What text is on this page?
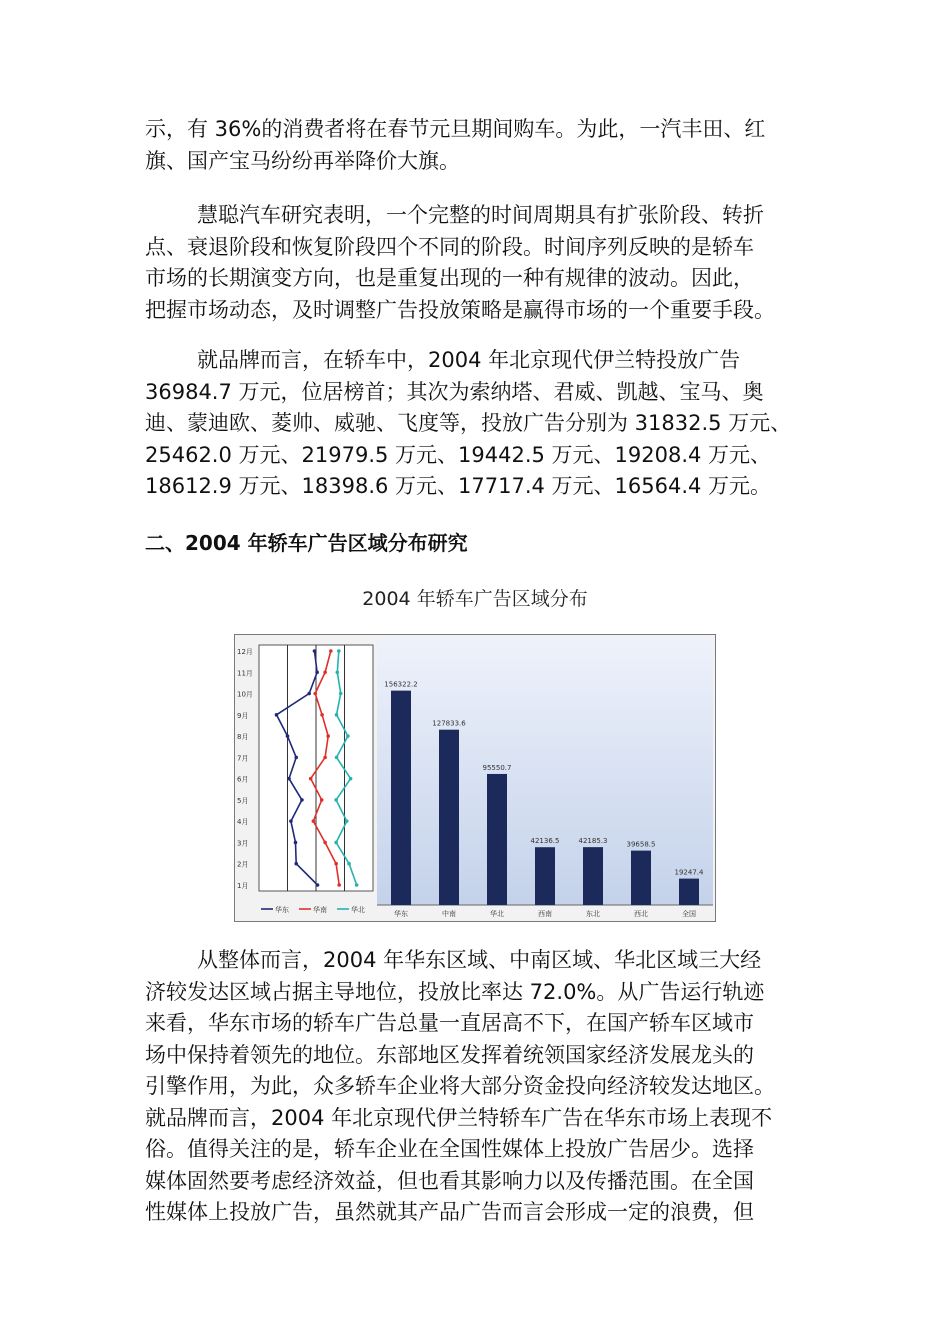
示，有 36%的消费者将在春节元旦期间购车。为此，一汽丰田、红
旗、国产宝马纷纷再举降价大旗。
慧聪汽车研究表明，一个完整的时间周期具有扩张阶段、转折
点、衰退阶段和恢复阶段四个不同的阶段。时间序列反映的是轿车
市场的长期演变方向，也是重复出现的一种有规律的波动。因此，
把握市场动态，及时调整广告投放策略是赢得市场的一个重要手段。
就品牌而言，在轿车中，2004 年北京现代伊兰特投放广告
36984.7 万元，位居榜首；其次为索纳塔、君威、凯越、宝马、奥
迪、蒙迪欧、菱帅、威驰、飞度等，投放广告分别为 31832.5 万元、
25462.0 万元、21979.5 万元、19442.5 万元、19208.4 万元、
18612.9 万元、18398.6 万元、17717.4 万元、16564.4 万元。
二、2004 年轿车广告区域分布研究
2004 年轿车广告区域分布
12月
11月
10月
9月
8月
7月
6月
5月
4月
3月
2月
1月
华东	华南	华北
156322.2
华东
127833.6
中南
95550.7
华北
42136.5
西南
42185.3
东北
39658.5
西北
19247.4
全国
从整体而言，2004 年华东区域、中南区域、华北区域三大经
济较发达区域占据主导地位，投放比率达 72.0%。从广告运行轨迹
来看，华东市场的轿车广告总量一直居高不下，在国产轿车区域市
场中保持着领先的地位。东部地区发挥着统领国家经济发展龙头的
引擎作用，为此，众多轿车企业将大部分资金投向经济较发达地区。
就品牌而言，2004 年北京现代伊兰特轿车广告在华东市场上表现不
俗。值得关注的是，轿车企业在全国性媒体上投放广告居少。选择
媒体固然要考虑经济效益，但也看其影响力以及传播范围。在全国
性媒体上投放广告，虽然就其产品广告而言会形成一定的浪费，但
